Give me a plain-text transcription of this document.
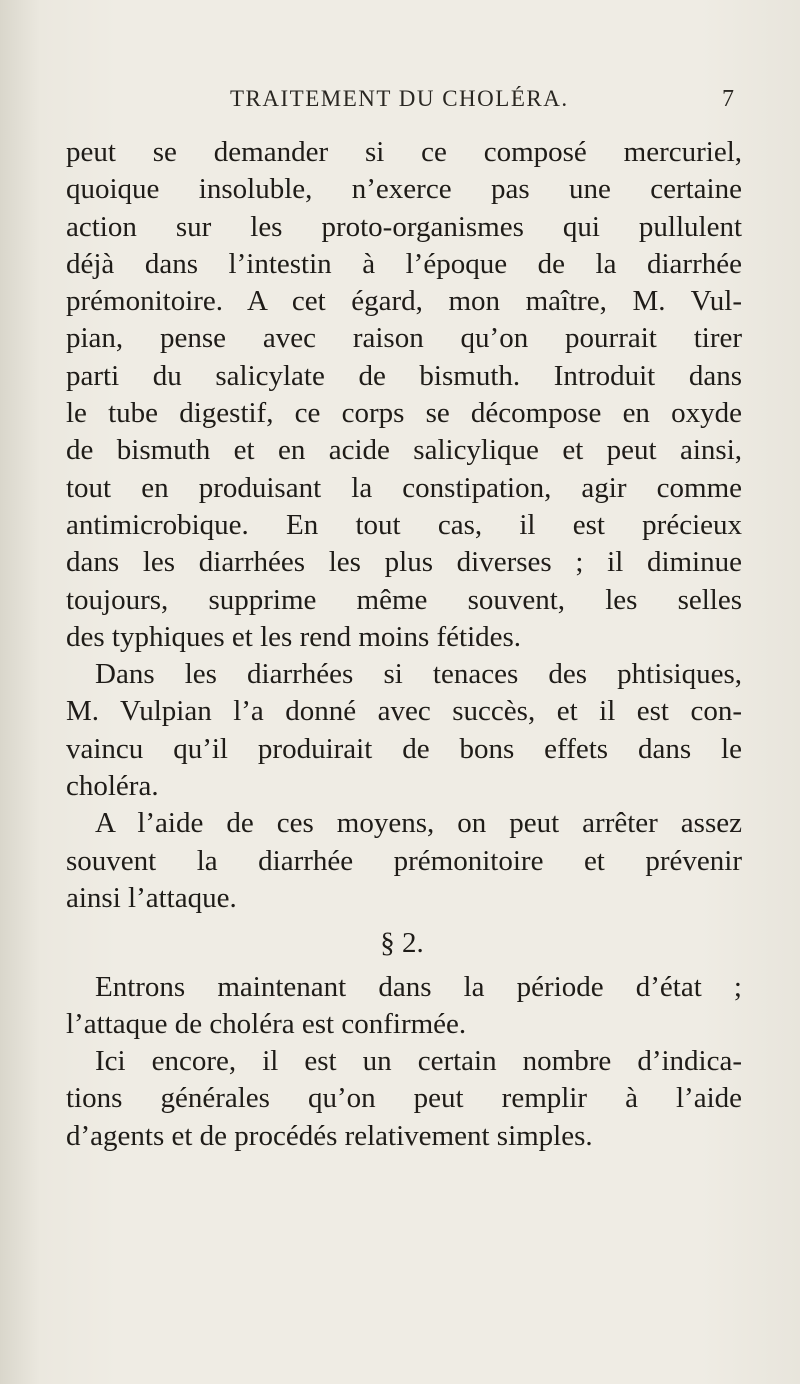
TRAITEMENT DU CHOLÉRA.	7

peut se demander si ce composé mercuriel,
quoique insoluble, n’exerce pas une certaine
action sur les proto-organismes qui pullulent
déjà dans l’intestin à l’époque de la diarrhée
prémonitoire. A cet égard, mon maître, M. Vul-
pian, pense avec raison qu’on pourrait tirer
parti du salicylate de bismuth. Introduit dans
le tube digestif, ce corps se décompose en oxyde
de bismuth et en acide salicylique et peut ainsi,
tout en produisant la constipation, agir comme
antimicrobique. En tout cas, il est précieux
dans les diarrhées les plus diverses ; il diminue
toujours, supprime même souvent, les selles
des typhiques et les rend moins fétides.

Dans les diarrhées si tenaces des phtisiques,
M. Vulpian l’a donné avec succès, et il est con-
vaincu qu’il produirait de bons effets dans le
choléra.

A l’aide de ces moyens, on peut arrêter assez
souvent la diarrhée prémonitoire et prévenir
ainsi l’attaque.

§ 2.

Entrons maintenant dans la période d’état ;
l’attaque de choléra est confirmée.

Ici encore, il est un certain nombre d’indica-
tions générales qu’on peut remplir à l’aide
d’agents et de procédés relativement simples.
